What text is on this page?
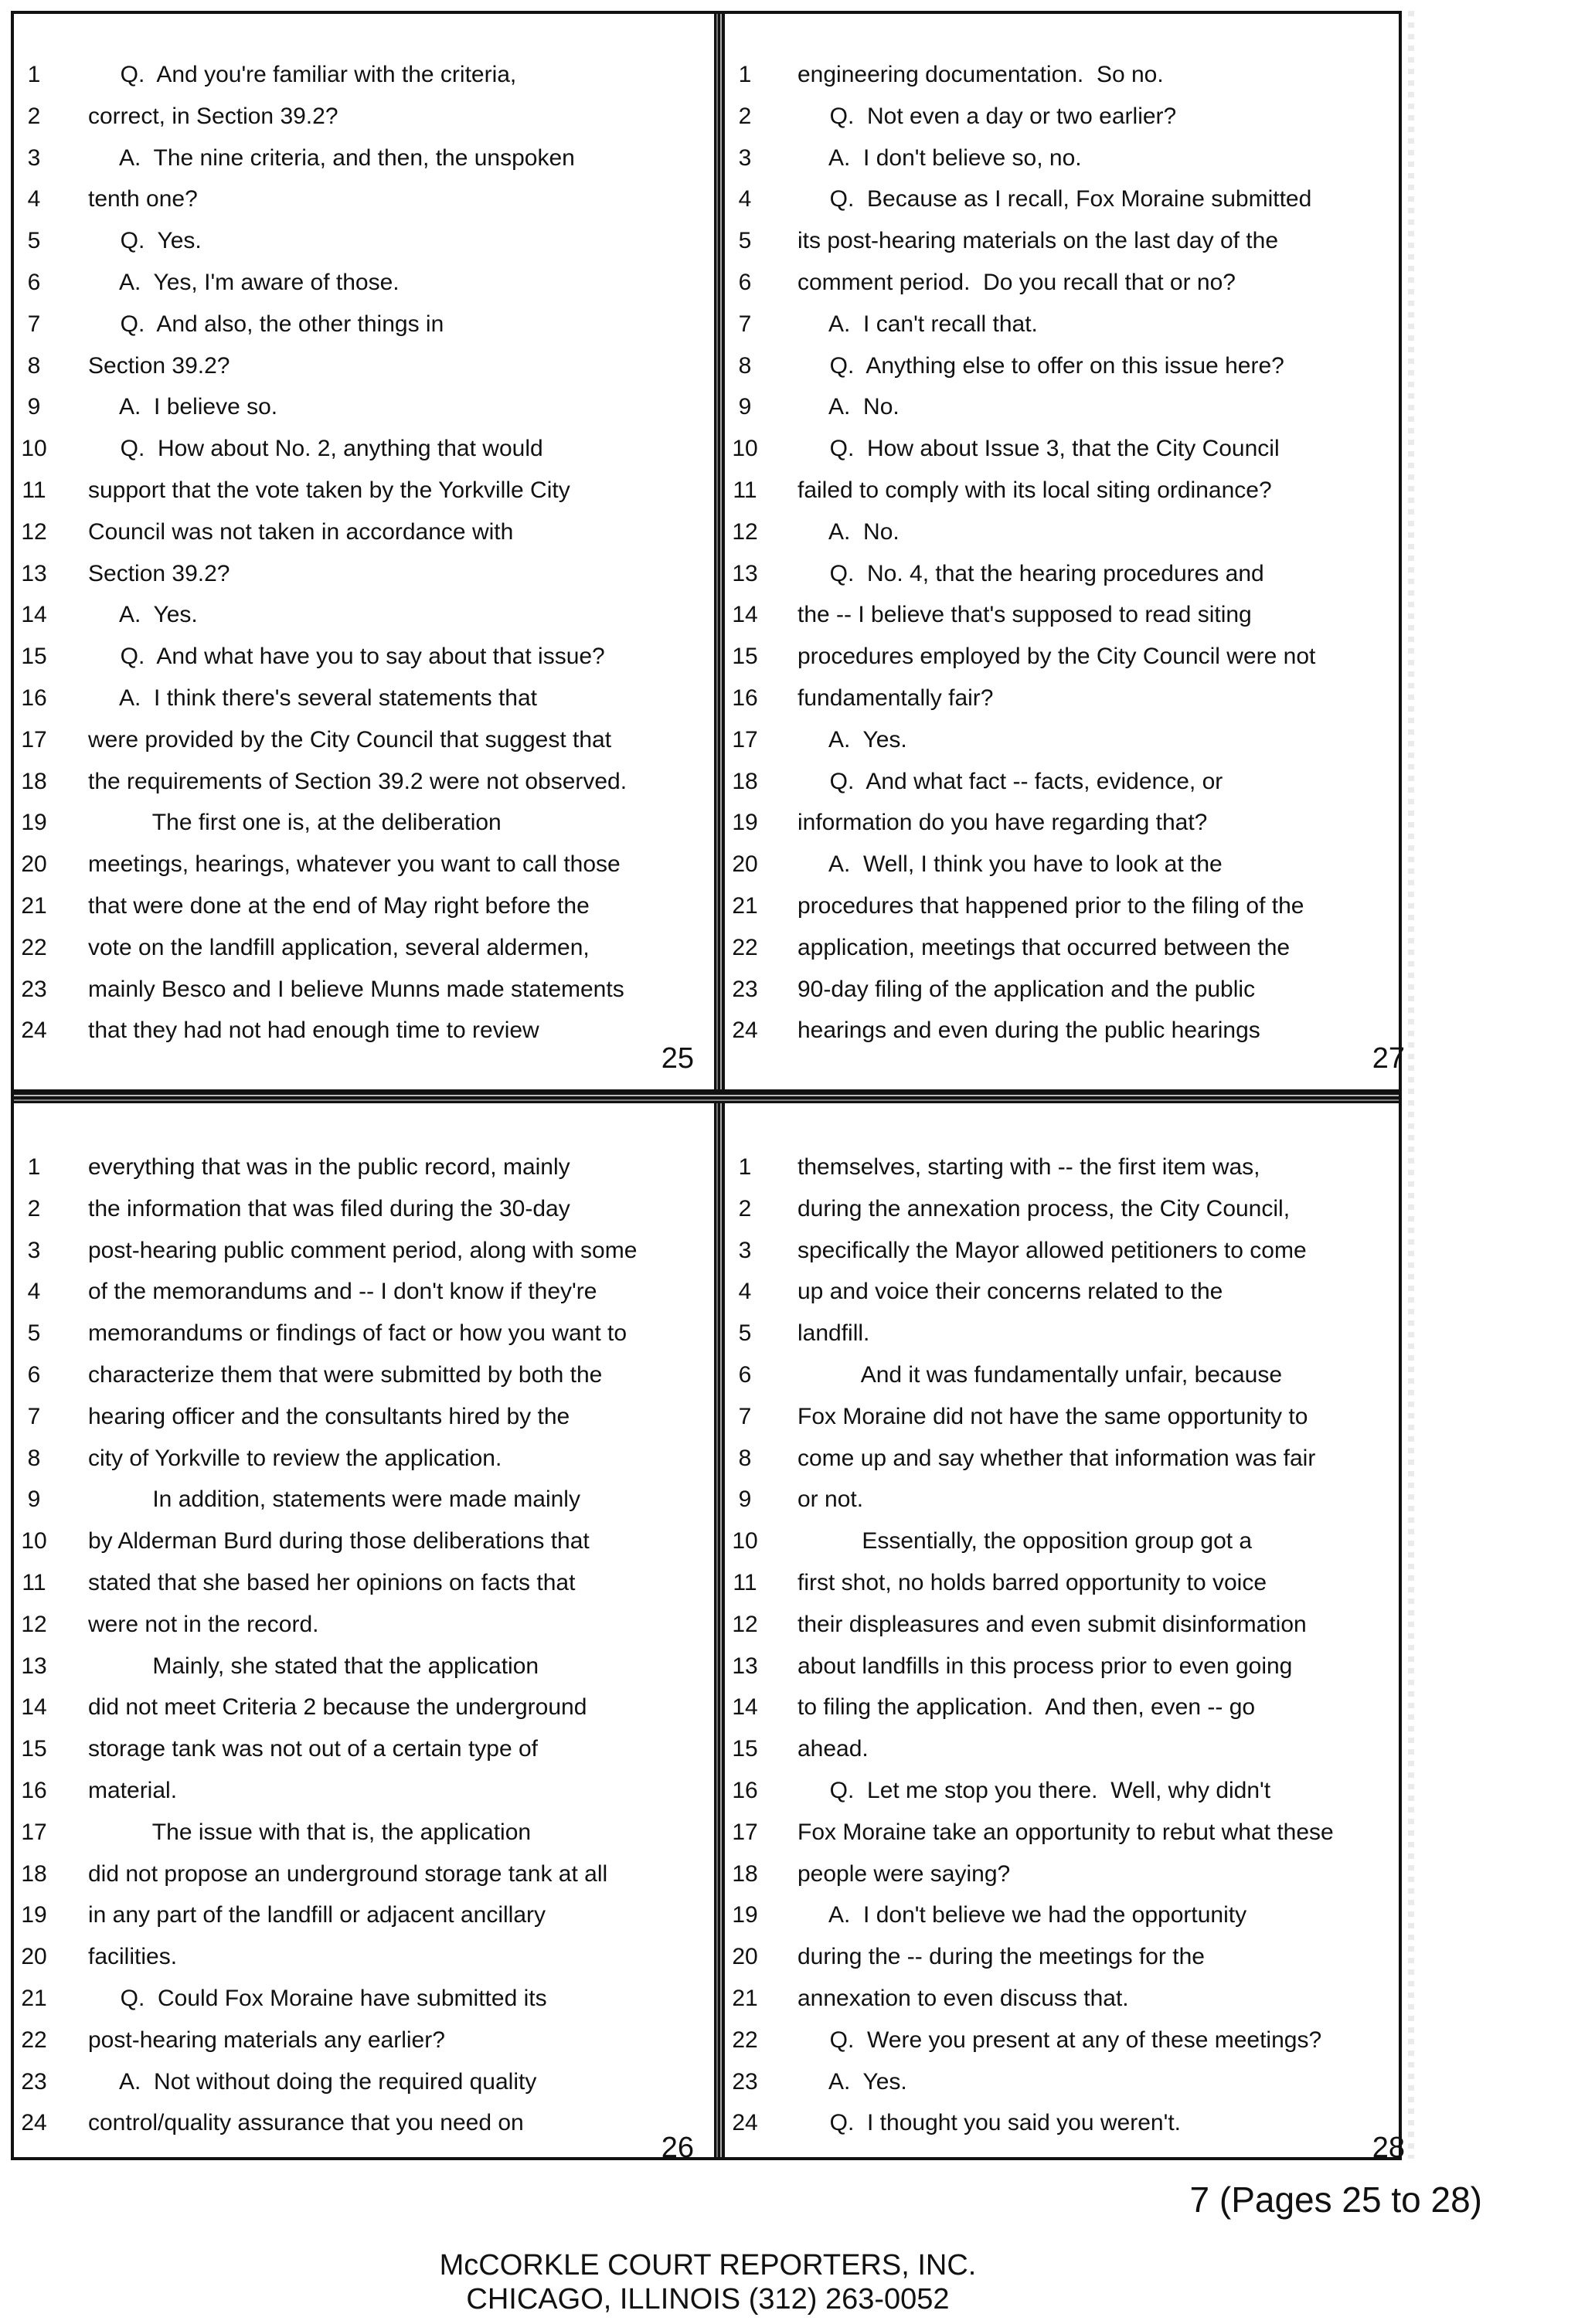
1	Q.  And you're familiar with the criteria,
2	correct, in Section 39.2?
3	A.  The nine criteria, and then, the unspoken
4	tenth one?
5	Q.  Yes.
6	A.  Yes, I'm aware of those.
7	Q.  And also, the other things in
8	Section 39.2?
9	A.  I believe so.
10 Q.  How about No. 2, anything that would
11 support that the vote taken by the Yorkville City
12 Council was not taken in accordance with
13 Section 39.2?
14 A.  Yes.
15 Q.  And what have you to say about that issue?
16 A.  I think there's several statements that
17 were provided by the City Council that suggest that
18 the requirements of Section 39.2 were not observed.
19 The first one is, at the deliberation
20 meetings, hearings, whatever you want to call those
21 that were done at the end of May right before the
22 vote on the landfill application, several aldermen,
23 mainly Besco and I believe Munns made statements
24 that they had not had enough time to review
25
1	engineering documentation.  So no.
2	Q.  Not even a day or two earlier?
3	A.  I don't believe so, no.
4	Q.  Because as I recall, Fox Moraine submitted
5	its post-hearing materials on the last day of the
6	comment period.  Do you recall that or no?
7	A.  I can't recall that.
8	Q.  Anything else to offer on this issue here?
9	A.  No.
10 Q.  How about Issue 3, that the City Council
11 failed to comply with its local siting ordinance?
12 A.  No.
13 Q.  No. 4, that the hearing procedures and
14 the -- I believe that's supposed to read siting
15 procedures employed by the City Council were not
16 fundamentally fair?
17 A.  Yes.
18 Q.  And what fact -- facts, evidence, or
19 information do you have regarding that?
20 A.  Well, I think you have to look at the
21 procedures that happened prior to the filing of the
22 application, meetings that occurred between the
23 90-day filing of the application and the public
24 hearings and even during the public hearings
27
1	everything that was in the public record, mainly
2	the information that was filed during the 30-day
3	post-hearing public comment period, along with some
4	of the memorandums and -- I don't know if they're
5	memorandums or findings of fact or how you want to
6	characterize them that were submitted by both the
7	hearing officer and the consultants hired by the
8	city of Yorkville to review the application.
9	In addition, statements were made mainly
10 by Alderman Burd during those deliberations that
11 stated that she based her opinions on facts that
12 were not in the record.
13 Mainly, she stated that the application
14 did not meet Criteria 2 because the underground
15 storage tank was not out of a certain type of
16 material.
17 The issue with that is, the application
18 did not propose an underground storage tank at all
19 in any part of the landfill or adjacent ancillary
20 facilities.
21 Q.  Could Fox Moraine have submitted its
22 post-hearing materials any earlier?
23 A.  Not without doing the required quality
24 control/quality assurance that you need on
26
1	themselves, starting with -- the first item was,
2	during the annexation process, the City Council,
3	specifically the Mayor allowed petitioners to come
4	up and voice their concerns related to the
5	landfill.
6	And it was fundamentally unfair, because
7	Fox Moraine did not have the same opportunity to
8	come up and say whether that information was fair
9	or not.
10 Essentially, the opposition group got a
11 first shot, no holds barred opportunity to voice
12 their displeasures and even submit disinformation
13 about landfills in this process prior to even going
14 to filing the application.  And then, even -- go
15 ahead.
16 Q.  Let me stop you there.  Well, why didn't
17 Fox Moraine take an opportunity to rebut what these
18 people were saying?
19 A.  I don't believe we had the opportunity
20 during the -- during the meetings for the
21 annexation to even discuss that.
22 Q.  Were you present at any of these meetings?
23 A.  Yes.
24 Q.  I thought you said you weren't.
28
7 (Pages 25 to 28)
McCORKLE COURT REPORTERS, INC.
CHICAGO, ILLINOIS (312) 263-0052
